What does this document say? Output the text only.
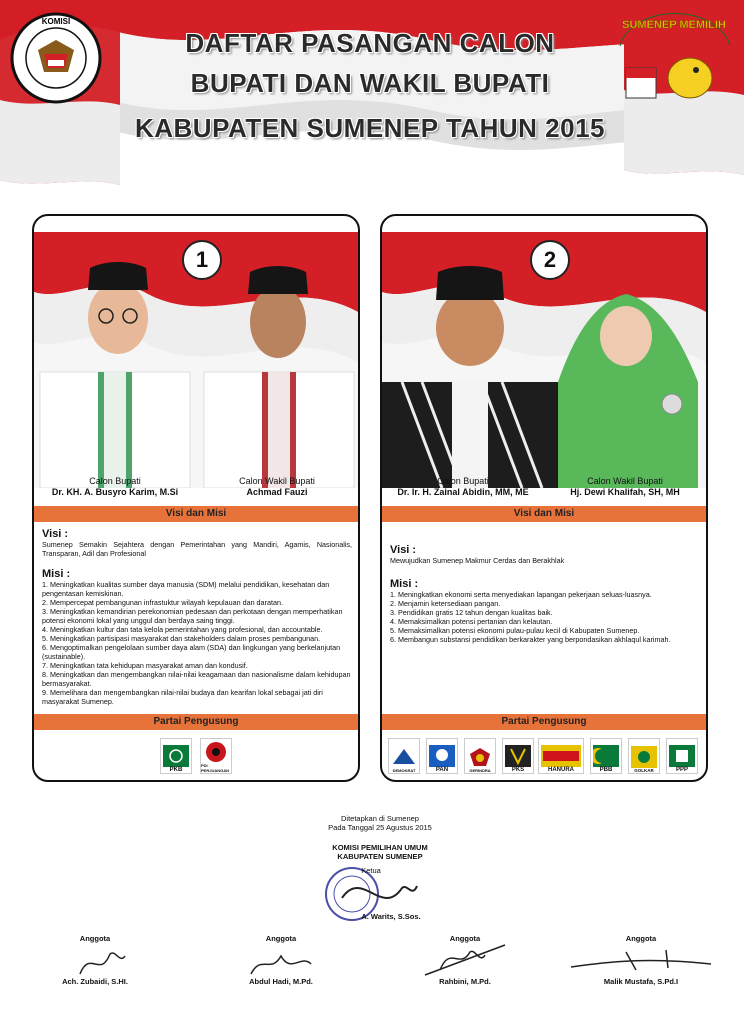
KOMISI
DAFTAR PASANGAN CALON
BUPATI DAN WAKIL BUPATI
KABUPATEN SUMENEP TAHUN 2015
SUMENEP MEMILIH
9 DESEMBER 2015
1
Calon Bupati
Dr. KH. A. Busyro Karim, M.Si
Calon Wakil Bupati
Achmad Fauzi
Visi dan Misi
Visi :

Sumenep Semakin Sejahtera dengan Pemerintahan yang Mandiri, Agamis, Nasionalis, Transparan, Adil dan Profesional

Misi :
1. Meningkatkan kualitas sumber daya manusia (SDM) melalui pendidikan, kesehatan dan pengentasan kemiskinan.
2. Mempercepat pembangunan infrastuktur wilayah kepulauan dan daratan.
3. Meningkatkan kemandirian perekonomian pedesaan dan perkotaan dengan memperhatikan potensi ekonomi lokal yang unggul dan berdaya saing tinggi.
4. Meningkatkan kultur dan tata kelola pemerintahan yang profesional, dan accountable.
5. Meningkatkan partisipasi masyarakat dan stakeholders dalam proses pembangunan.
6. Mengoptimalkan pengelolaan sumber daya alam (SDA) dan lingkungan yang berkelanjutan (sustainable).
7. Meningkatkan tata kehidupan masyarakat aman dan kondusif.
8. Meningkatkan dan mengembangkan nilai-nilai keagamaan dan nasionalisme dalam kehidupan bermasyarakat.
9. Memelihara dan mengembangkan nilai-nilai budaya dan kearifan lokal sebagai jati diri masyarakat Sumenep.
Partai Pengusung
PKB
PDI PERJUANGAN
2
Calon Bupati
Dr. Ir. H. Zainal Abidin, MM, ME
Calon Wakil Bupati
Hj. Dewi Khalifah, SH, MH
Visi dan Misi
Visi :

Mewujudkan Sumenep Makmur Cerdas dan Berakhlak

Misi :
1. Meningkatkan ekonomi serta menyediakan lapangan pekerjaan seluas-luasnya.
2. Menjamin ketersediaan pangan.
3. Pendidikan gratis 12 tahun dengan kualitas baik.
4. Memaksimalkan potensi pertanian dan kelautan.
5. Memaksimalkan potensi ekonomi pulau-pulau kecil di Kabupaten Sumenep.
6. Membangun substansi pendidikan berkarakter yang berpondasikan akhlaqul karimah.
Partai Pengusung
DEMOKRAT	PAN	GERINDRA	PKS	HANURA	PBB	GOLKAR	PPP
Ditetapkan di Sumenep
Pada Tanggal 25 Agustus 2015
KOMISI PEMILIHAN UMUM
KABUPATEN SUMENEP
Ketua
A. Warits, S.Sos.
Anggota
Ach. Zubaidi, S.HI.
Anggota
Abdul Hadi, M.Pd.
Anggota
Rahbini, M.Pd.
Anggota
Malik Mustafa, S.Pd.I
